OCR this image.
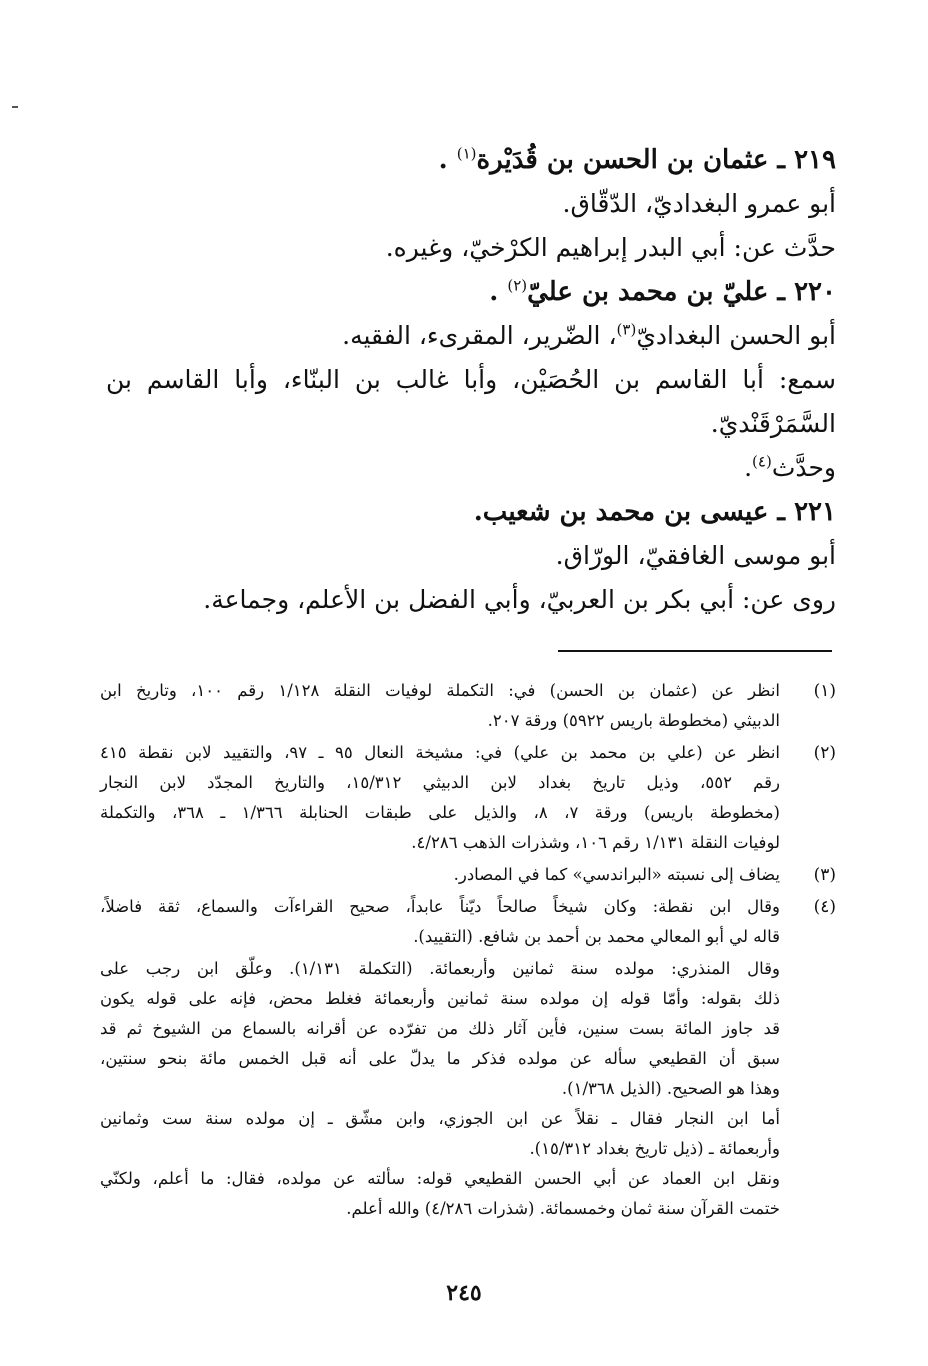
٢١٩ ـ عثمان بن الحسن بن قُدَيْرة$^{(١)}$ .
أبو عمرو البغداديّ، الدّقّاق.
حدَّث عن: أبي البدر إبراهيم الكرْخيّ، وغيره.
٢٢٠ ـ عليّ بن محمد بن عليّ$^{(٢)}$ .
أبو الحسن البغداديّ$^{(٣)}$، الضّرير، المقرىء، الفقيه.
سمع: أبا القاسم بن الحُصَيْن، وأبا غالب بن البنّاء، وأبا القاسم بن
السَّمَرْقَنْديّ.
وحدَّث$^{(٤)}$.
٢٢١ ـ عيسى بن محمد بن شعيب.
أبو موسى الغافقيّ، الورّاق.
روى عن: أبي بكر بن العربيّ، وأبي الفضل بن الأعلم، وجماعة.
(١)
انظر عن (عثمان بن الحسن) في: التكملة لوفيات النقلة ١/١٢٨ رقم ١٠٠، وتاريخ ابن
الدبيثي (مخطوطة باريس ٥٩٢٢) ورقة ٢٠٧.
(٢)
انظر عن (علي بن محمد بن علي) في: مشيخة النعال ٩٥ ـ ٩٧، والتقييد لابن نقطة ٤١٥
رقم ٥٥٢، وذيل تاريخ بغداد لابن الدبيثي ١٥/٣١٢، والتاريخ المجدّد لابن النجار
(مخطوطة باريس) ورقة ٧، ٨، والذيل على طبقات الحنابلة ١/٣٦٦ ـ ٣٦٨، والتكملة
لوفيات النقلة ١/١٣١ رقم ١٠٦، وشذرات الذهب ٤/٢٨٦.
(٣)
يضاف إلى نسبته «البراندسي» كما في المصادر.
(٤)
وقال ابن نقطة: وكان شيخاً صالحاً ديّناً عابداً، صحيح القراءآت والسماع، ثقة فاضلاً،
قاله لي أبو المعالي محمد بن أحمد بن شافع. (التقييد).
وقال المنذري: مولده سنة ثمانين وأربعمائة. (التكملة ١/١٣١). وعلّق ابن رجب على
ذلك بقوله: وأمّا قوله إن مولده سنة ثمانين وأربعمائة فغلط محض، فإنه على قوله يكون
قد جاوز المائة بست سنين، فأين آثار ذلك من تفرّده عن أقرانه بالسماع من الشيوخ ثم قد
سبق أن القطيعي سأله عن مولده فذكر ما يدلّ على أنه قبل الخمس مائة بنحو سنتين،
وهذا هو الصحيح. (الذيل ١/٣٦٨).
أما ابن النجار فقال ـ نقلاً عن ابن الجوزي، وابن مشّق ـ إن مولده سنة ست وثمانين
وأربعمائة ـ (ذيل تاريخ بغداد ١٥/٣١٢).
ونقل ابن العماد عن أبي الحسن القطيعي قوله: سألته عن مولده، فقال: ما أعلم، ولكنّي
ختمت القرآن سنة ثمان وخمسمائة. (شذرات ٤/٢٨٦) والله أعلم.
٢٤٥
